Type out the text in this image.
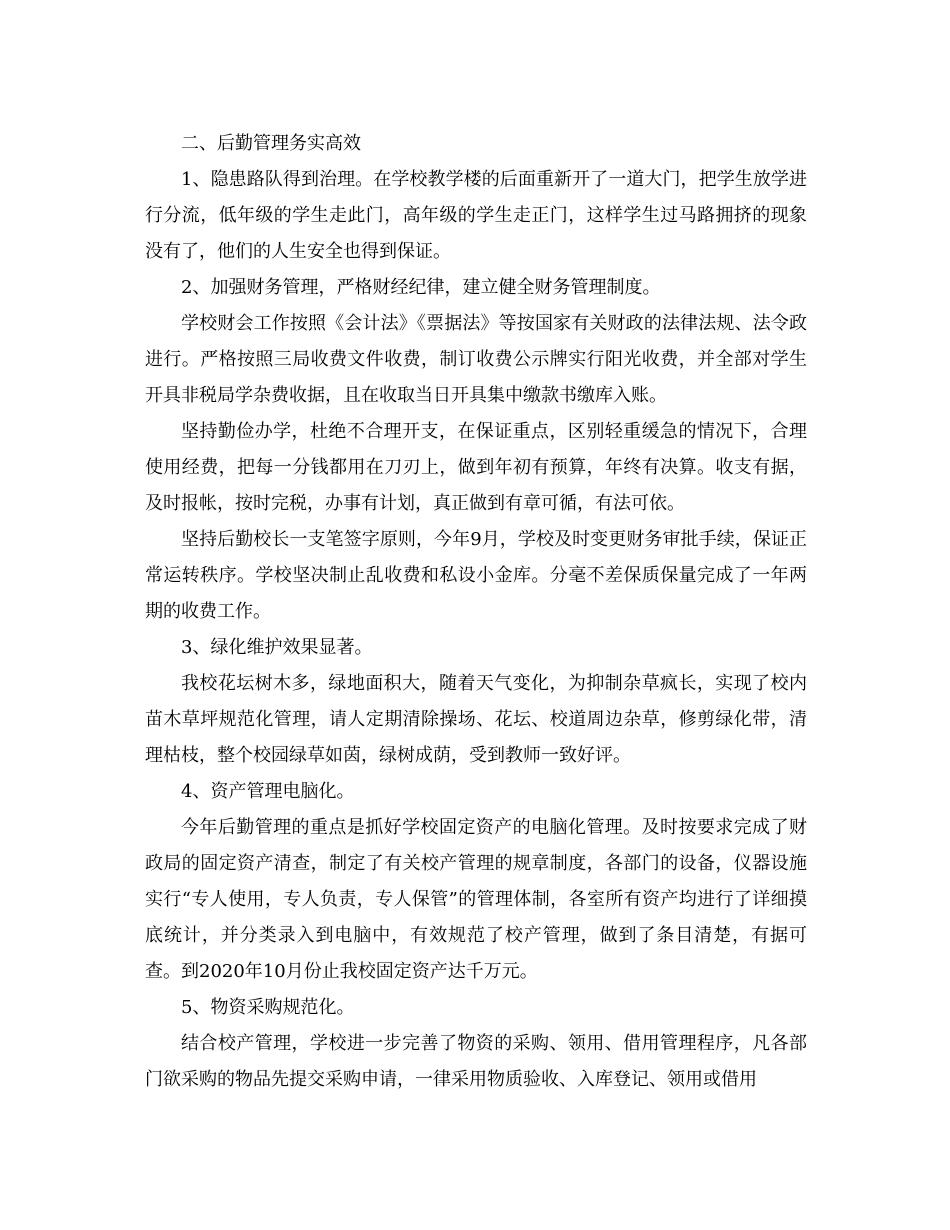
二、后勤管理务实高效

1、隐患路队得到治理。在学校教学楼的后面重新开了一道大门，把学生放学进行分流，低年级的学生走此门，高年级的学生走正门，这样学生过马路拥挤的现象没有了，他们的人生安全也得到保证。

2、加强财务管理，严格财经纪律，建立健全财务管理制度。

学校财会工作按照《会计法》《票据法》等按国家有关财政的法律法规、法令政进行。严格按照三局收费文件收费，制订收费公示牌实行阳光收费，并全部对学生开具非税局学杂费收据，且在收取当日开具集中缴款书缴库入账。

坚持勤俭办学，杜绝不合理开支，在保证重点，区别轻重缓急的情况下，合理使用经费，把每一分钱都用在刀刃上，做到年初有预算，年终有决算。收支有据，及时报帐，按时完税，办事有计划，真正做到有章可循，有法可依。

坚持后勤校长一支笔签字原则，今年9月，学校及时变更财务审批手续，保证正常运转秩序。学校坚决制止乱收费和私设小金库。分毫不差保质保量完成了一年两期的收费工作。

3、绿化维护效果显著。

我校花坛树木多，绿地面积大，随着天气变化，为抑制杂草疯长，实现了校内苗木草坪规范化管理，请人定期清除操场、花坛、校道周边杂草，修剪绿化带，清理枯枝，整个校园绿草如茵，绿树成荫，受到教师一致好评。

4、资产管理电脑化。

今年后勤管理的重点是抓好学校固定资产的电脑化管理。及时按要求完成了财政局的固定资产清查，制定了有关校产管理的规章制度，各部门的设备，仪器设施实行“专人使用，专人负责，专人保管”的管理体制，各室所有资产均进行了详细摸底统计，并分类录入到电脑中，有效规范了校产管理，做到了条目清楚，有据可查。到2020年10月份止我校固定资产达千万元。

5、物资采购规范化。

结合校产管理，学校进一步完善了物资的采购、领用、借用管理程序，凡各部门欲采购的物品先提交采购申请，一律采用物质验收、入库登记、领用或借用
